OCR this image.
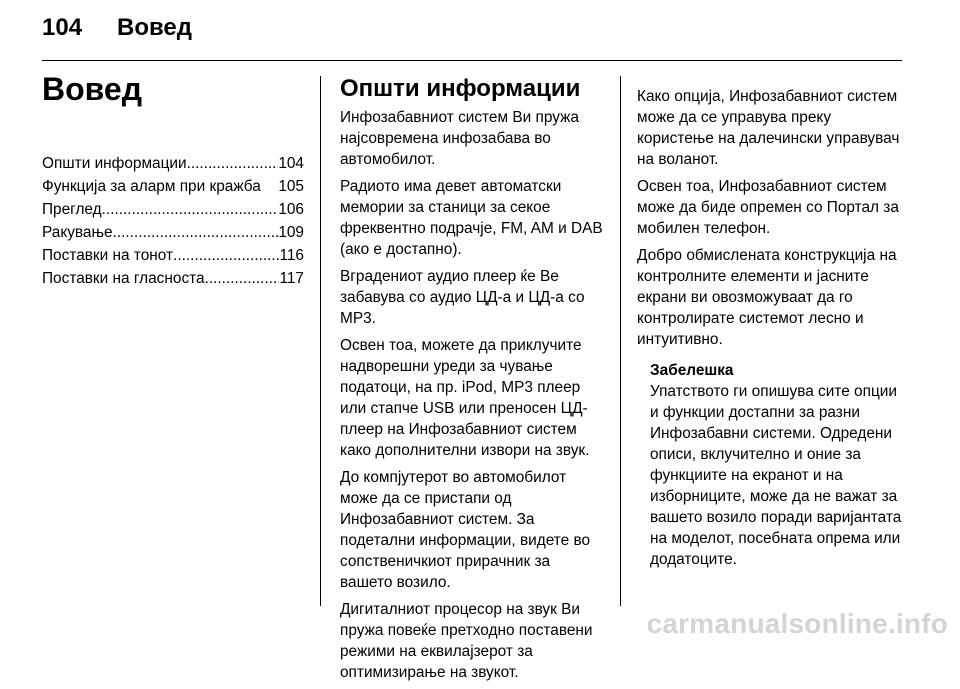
104 Вовед
Вовед
Општи информации .....	104
Функција за аларм при кражба	105
Преглед .....	106
Ракување .....	109
Поставки на тонот .....	116
Поставки на гласноста .....	117
Општи информации

Инфозабавниот систем Ви пружа најсовремена инфозабава во автомобилот.

Радиото има девет автоматски мемории за станици за секое фреквентно подрачје, FM, AM и DAB (ако е достапно).

Вградениот аудио плеер ќе Ве забавува со аудио ЦД-а и ЦД-а со MP3.

Освен тоа, можете да приклучите надворешни уреди за чување податоци, на пр. iPod, MP3 плеер или стапче USB или преносен ЦД-плеер на Инфозабавниот систем како дополнителни извори на звук.

До компјутерот во автомобилот може да се пристапи од Инфозабавниот систем. За подетални информации, видете во сопственичкиот прирачник за вашето возило.

Дигиталниот процесор на звук Ви пружа повеќе претходно поставени режими на еквилајзерот за оптимизирање на звукот.

Како опција, Инфозабавниот систем може да се управува преку користење на далечински управувач на воланот.

Освен тоа, Инфозабавниот систем може да биде опремен со Портал за мобилен телефон.

Добро обмислената конструкција на контролните елементи и јасните екрани ви овозможуваат да го контролирате системот лесно и интуитивно.

Забелешка

Упатството ги опишува сите опции и функции достапни за разни Инфозабавни системи. Одредени описи, вклучително и оние за функциите на екранот и на изборниците, може да не важат за вашето возило поради варијантата на моделот, посебната опрема или додатоците.

carmanualsonline.info
